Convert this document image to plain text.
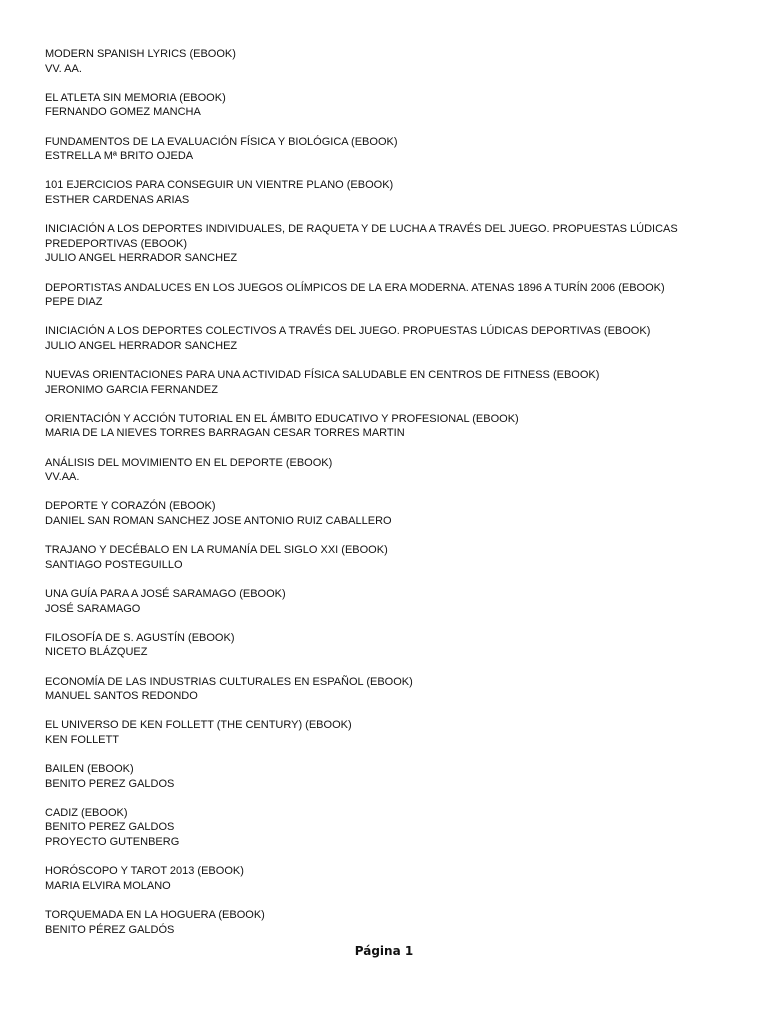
MODERN SPANISH LYRICS (EBOOK)
VV. AA.
EL ATLETA SIN MEMORIA (EBOOK)
FERNANDO GOMEZ MANCHA
FUNDAMENTOS DE LA EVALUACIÓN FÍSICA Y BIOLÓGICA (EBOOK)
ESTRELLA Mª BRITO OJEDA
101 EJERCICIOS PARA CONSEGUIR UN VIENTRE PLANO (EBOOK)
ESTHER CARDENAS ARIAS
INICIACIÓN A LOS DEPORTES INDIVIDUALES, DE RAQUETA Y DE LUCHA A TRAVÉS DEL JUEGO. PROPUESTAS LÚDICAS PREDEPORTIVAS (EBOOK)
JULIO ANGEL HERRADOR SANCHEZ
DEPORTISTAS ANDALUCES EN LOS JUEGOS OLÍMPICOS DE LA ERA MODERNA. ATENAS 1896 A TURÍN 2006 (EBOOK)
PEPE DIAZ
INICIACIÓN A LOS DEPORTES COLECTIVOS A TRAVÉS DEL JUEGO. PROPUESTAS LÚDICAS DEPORTIVAS (EBOOK)
JULIO ANGEL HERRADOR SANCHEZ
NUEVAS ORIENTACIONES PARA UNA ACTIVIDAD FÍSICA SALUDABLE EN CENTROS DE FITNESS (EBOOK)
JERONIMO GARCIA FERNANDEZ
ORIENTACIÓN Y ACCIÓN TUTORIAL EN EL ÁMBITO EDUCATIVO Y PROFESIONAL (EBOOK)
MARIA DE LA NIEVES TORRES BARRAGAN CESAR TORRES MARTIN
ANÁLISIS DEL MOVIMIENTO EN EL DEPORTE (EBOOK)
VV.AA.
DEPORTE Y CORAZÓN (EBOOK)
DANIEL SAN ROMAN SANCHEZ JOSE ANTONIO RUIZ CABALLERO
TRAJANO Y DECÉBALO EN LA RUMANÍA DEL SIGLO XXI (EBOOK)
SANTIAGO POSTEGUILLO
UNA GUÍA PARA A JOSÉ SARAMAGO (EBOOK)
JOSÉ SARAMAGO
FILOSOFÍA DE S. AGUSTÍN (EBOOK)
NICETO BLÁZQUEZ
ECONOMÍA DE LAS INDUSTRIAS CULTURALES EN ESPAÑOL (EBOOK)
MANUEL SANTOS REDONDO
EL UNIVERSO DE KEN FOLLETT (THE CENTURY) (EBOOK)
KEN FOLLETT
BAILEN (EBOOK)
BENITO PEREZ GALDOS
CADIZ (EBOOK)
BENITO PEREZ GALDOS
PROYECTO GUTENBERG
HORÓSCOPO Y TAROT 2013 (EBOOK)
MARIA ELVIRA MOLANO
TORQUEMADA EN LA HOGUERA (EBOOK)
BENITO PÉREZ GALDÓS
Página 1
